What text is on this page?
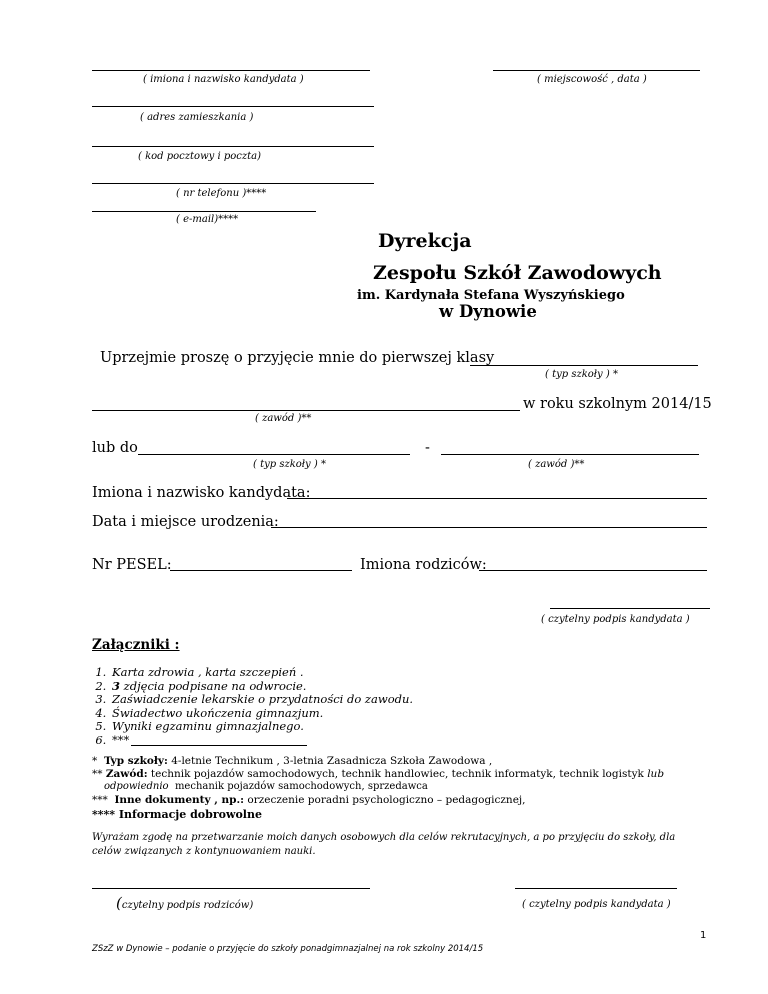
( imiona i nazwisko kandydata )	( miejscowość , data )
( adres zamieszkania )
( kod pocztowy i poczta)
( nr telefonu )****
( e-mail)****
Dyrekcja
Zespołu Szkół Zawodowych
im. Kardynała Stefana Wyszyńskiego
w Dynowie
Uprzejmie proszę o przyjęcie mnie do pierwszej klasy
( typ szkoły ) *
w roku szkolnym 2014/15
( zawód )**
lub do	-
( typ szkoły ) *	( zawód )**
Imiona i nazwisko kandydata:
Data i miejsce urodzenia:
Nr PESEL:	Imiona rodziców:
( czytelny podpis kandydata )
Załączniki :
1. Karta zdrowia , karta szczepień .
2. 3 zdjęcia podpisane na odwrocie.
3. Zaświadczenie lekarskie o przydatności do zawodu.
4. Świadectwo ukończenia gimnazjum.
5. Wyniki egzaminu gimnazjalnego.
6. ***
* Typ szkoły: 4-letnie Technikum , 3-letnia Zasadnicza Szkoła Zawodowa ,
** Zawód: technik pojazdów samochodowych, technik handlowiec, technik informatyk, technik logistyk lub
odpowiednio mechanik pojazdów samochodowych, sprzedawca
*** Inne dokumenty , np.: orzeczenie poradni psychologiczno – pedagogicznej,
**** Informacje dobrowolne
Wyrażam zgodę na przetwarzanie moich danych osobowych dla celów rekrutacyjnych, a po przyjęciu do szkoły, dla
celów związanych z kontynuowaniem nauki.
(czytelny podpis rodziców)	( czytelny podpis kandydata )
1
ZSzZ w Dynowie – podanie o przyjęcie do szkoły ponadgimnazjalnej na rok szkolny 2014/15
